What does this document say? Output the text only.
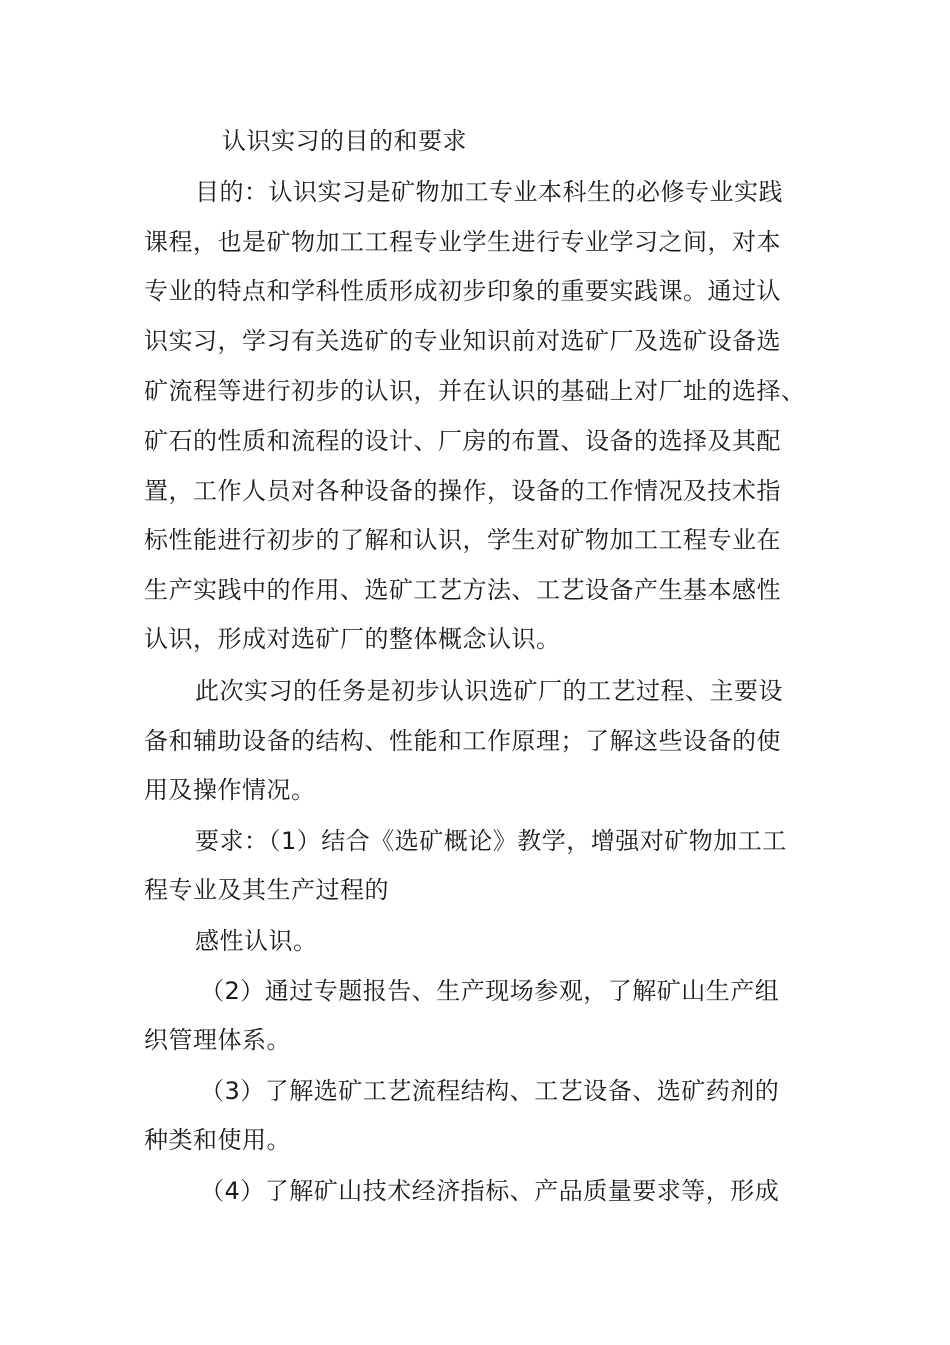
认识实习的目的和要求
目的：认识实习是矿物加工专业本科生的必修专业实践
课程，也是矿物加工工程专业学生进行专业学习之间，对本
专业的特点和学科性质形成初步印象的重要实践课。通过认
识实习，学习有关选矿的专业知识前对选矿厂及选矿设备选
矿流程等进行初步的认识，并在认识的基础上对厂址的选择、
矿石的性质和流程的设计、厂房的布置、设备的选择及其配
置，工作人员对各种设备的操作，设备的工作情况及技术指
标性能进行初步的了解和认识，学生对矿物加工工程专业在
生产实践中的作用、选矿工艺方法、工艺设备产生基本感性
认识，形成对选矿厂的整体概念认识。
此次实习的任务是初步认识选矿厂的工艺过程、主要设
备和辅助设备的结构、性能和工作原理；了解这些设备的使
用及操作情况。
要求：（1）结合《选矿概论》教学，增强对矿物加工工
程专业及其生产过程的
感性认识。
（2）通过专题报告、生产现场参观，了解矿山生产组
织管理体系。
（3）了解选矿工艺流程结构、工艺设备、选矿药剂的
种类和使用。
（4）了解矿山技术经济指标、产品质量要求等，形成
